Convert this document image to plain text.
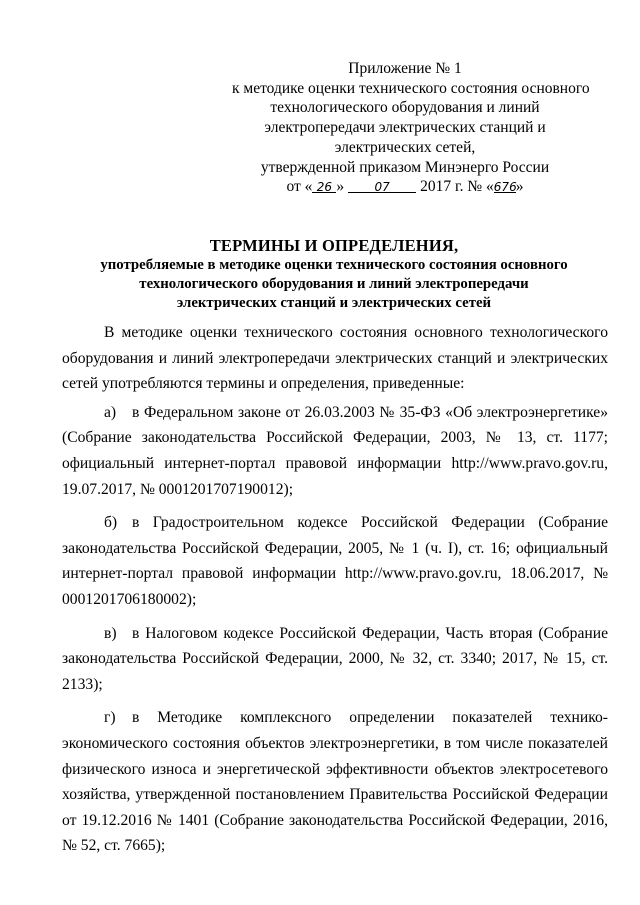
Приложение № 1
к методике оценки технического состояния основного
технологического оборудования и линий
электропередачи электрических станций и
электрических сетей,
утвержденной приказом Минэнерго России
от « 26 »	07 2017 г. № «676»
ТЕРМИНЫ И ОПРЕДЕЛЕНИЯ,
употребляемые в методике оценки технического состояния основного
технологического оборудования и линий электропередачи
электрических станций и электрических сетей

В методике оценки технического состояния основного технологического оборудования и линий электропередачи электрических станций и электрических сетей употребляются термины и определения, приведенные:

а) в Федеральном законе от 26.03.2003 № 35-ФЗ «Об электроэнергетике» (Собрание законодательства Российской Федерации, 2003, № 13, ст. 1177; официальный интернет-портал правовой информации http://www.pravo.gov.ru, 19.07.2017, № 0001201707190012);

б) в Градостроительном кодексе Российской Федерации (Собрание законодательства Российской Федерации, 2005, № 1 (ч. I), ст. 16; официальный интернет-портал правовой информации http://www.pravo.gov.ru, 18.06.2017, № 0001201706180002);

в) в Налоговом кодексе Российской Федерации, Часть вторая (Собрание законодательства Российской Федерации, 2000, № 32, ст. 3340; 2017, № 15, ст. 2133);

г) в Методике комплексного определении показателей технико-экономического состояния объектов электроэнергетики, в том числе показателей физического износа и энергетической эффективности объектов электросетевого хозяйства, утвержденной постановлением Правительства Российской Федерации от 19.12.2016 № 1401 (Собрание законодательства Российской Федерации, 2016, № 52, ст. 7665);
